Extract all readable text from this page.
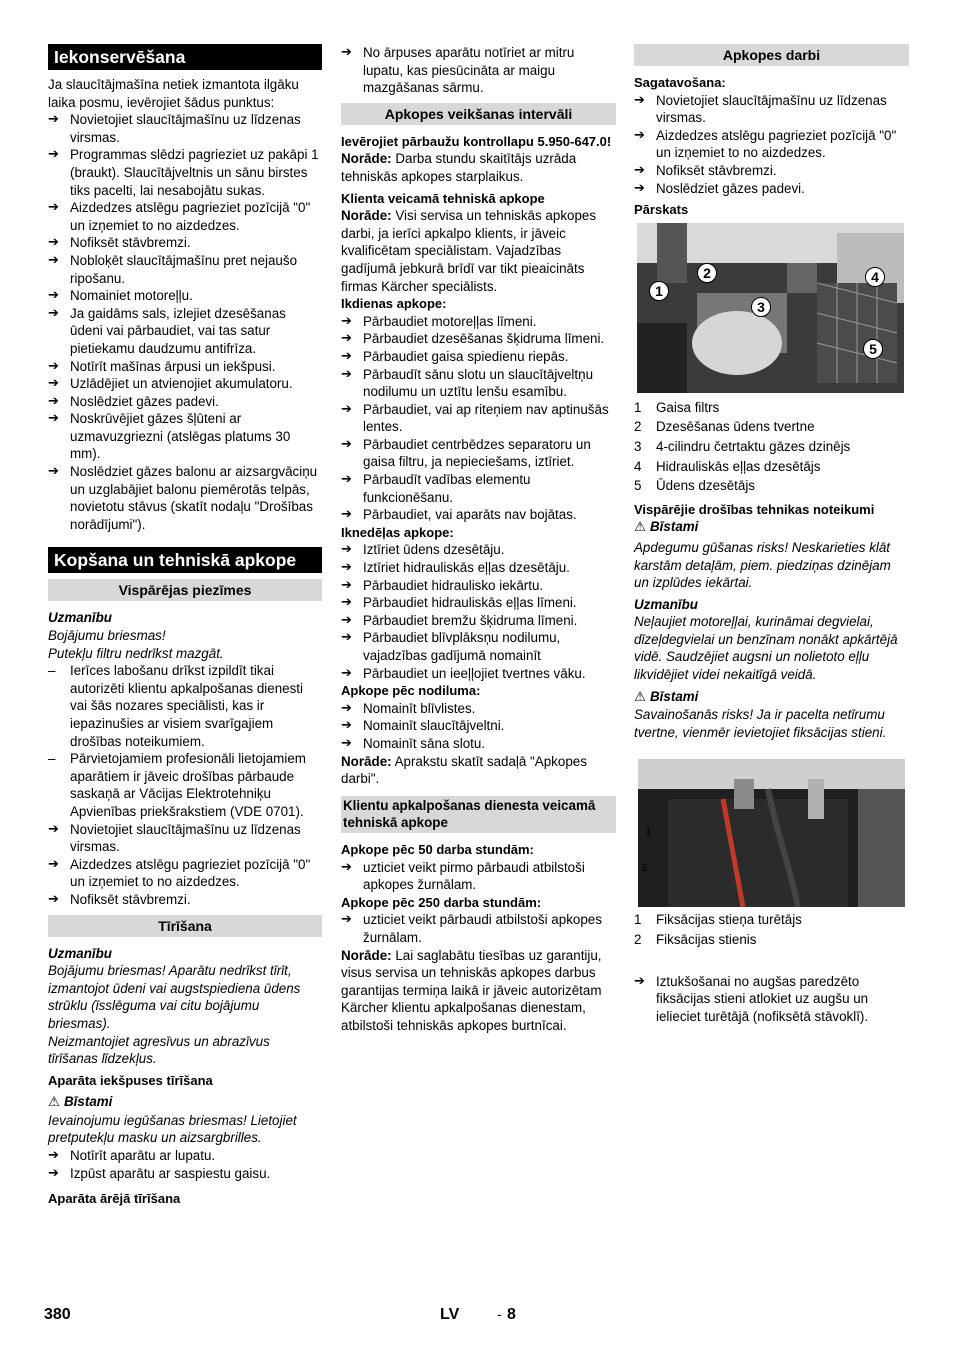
Iekonservēšana

Ja slaucītājmašīna netiek izmantota ilgāku laika posmu, ievērojiet šādus punktus:

➔ Novietojiet slaucītājmašīnu uz līdzenas virsmas.

➔ Programmas slēdzi pagrieziet uz pakāpi 1 (braukt). Slaucītājveltnis un sānu birstes tiks pacelti, lai nesabojātu sukas.

➔ Aizdedzes atslēgu pagrieziet pozīcijā "0" un izņemiet to no aizdedzes.

➔ Nofiksēt stāvbremzi.

➔ Nobloķēt slaucītājmašīnu pret nejaušo ripošanu.

➔ Nomainiet motoreļļu.

➔ Ja gaidāms sals, izlejiet dzesēšanas ūdeni vai pārbaudiet, vai tas satur pietiekamu daudzumu antifrīza.

➔ Notīrīt mašīnas ārpusi un iekšpusi.

➔ Uzlādējiet un atvienojiet akumulatoru.

➔ Noslēdziet gāzes padevi.

➔ Noskrūvējiet gāzes šļūteni ar uzmavuzgriezni (atslēgas platums 30 mm).

➔ Noslēdziet gāzes balonu ar aizsargvāciņu un uzglabājiet balonu piemērotās telpās, novietotu stāvus (skatīt nodaļu "Drošības norādījumi").

Kopšana un tehniskā apkope
Vispārējas piezīmes

Uzmanību

Bojājumu briesmas!

Putekļu filtru nedrīkst mazgāt.

– Ierīces labošanu drīkst izpildīt tikai autorizēti klientu apkalpošanas dienesti vai šās nozares speciālisti, kas ir iepazinušies ar visiem svarīgajiem drošības noteikumiem.

– Pārvietojamiem profesionāli lietojamiem aparātiem ir jāveic drošības pārbaude saskaņā ar Vācijas Elektrotehniķu Apvienības priekšrakstiem (VDE 0701).

➔ Novietojiet slaucītājmašīnu uz līdzenas virsmas.

➔ Aizdedzes atslēgu pagrieziet pozīcijā "0" un izņemiet to no aizdedzes.

➔ Nofiksēt stāvbremzi.

Tīrīšana

Uzmanību

Bojājumu briesmas! Aparātu nedrīkst tīrīt, izmantojot ūdeni vai augstspiediena ūdens strūklu (īsslēguma vai citu bojājumu briesmas).

Neizmantojiet agresīvus un abrazīvus tīrīšanas līdzekļus.

Aparāta iekšpuses tīrīšana

⚠ Bīstami

Ievainojumu iegūšanas briesmas! Lietojiet pretputekļu masku un aizsargbrilles.

➔ Notīrīt aparātu ar lupatu.

➔ Izpūst aparātu ar saspiestu gaisu.

Aparāta ārējā tīrīšana

➔ No ārpuses aparātu notīriet ar mitru lupatu, kas piesūcināta ar maigu mazgāšanas sārmu.

Apkopes veikšanas intervāli

Ievērojiet pārbaužu kontrollapu 5.950-647.0!

Norāde: Darba stundu skaitītājs uzrāda tehniskās apkopes starplaikus.

Klienta veicamā tehniskā apkope

Norāde: Visi servisa un tehniskās apkopes darbi, ja ierīci apkalpo klients, ir jāveic kvalificētam speciālistam. Vajadzības gadījumā jebkurā brīdī var tikt pieaicināts firmas Kärcher speciālists.

Ikdienas apkope:

➔ Pārbaudiet motoreļļas līmeni.

➔ Pārbaudiet dzesēšanas šķidruma līmeni.

➔ Pārbaudiet gaisa spiedienu riepās.

➔ Pārbaudīt sānu slotu un slaucītājveltņu nodilumu un uztītu lenšu esamību.

➔ Pārbaudiet, vai ap riteņiem nav aptinušās lentes.

➔ Pārbaudiet centrbēdzes separatoru un gaisa filtru, ja nepieciešams, iztīriet.

➔ Pārbaudīt vadības elementu funkcionēšanu.

➔ Pārbaudiet, vai aparāts nav bojātas.

Iknedēļas apkope:

➔ Iztīriet ūdens dzesētāju.

➔ Iztīriet hidrauliskās eļļas dzesētāju.

➔ Pārbaudiet hidraulisko iekārtu.

➔ Pārbaudiet hidrauliskās eļļas līmeni.

➔ Pārbaudiet bremžu šķidruma līmeni.

➔ Pārbaudiet blīvplāksņu nodilumu, vajadzības gadījumā nomainīt

➔ Pārbaudiet un ieeļļojiet tvertnes vāku.

Apkope pēc nodiluma:

➔ Nomainīt blīvlistes.

➔ Nomainīt slaucītājveltni.

➔ Nomainīt sāna slotu.

Norāde: Aprakstu skatīt sadaļā "Apkopes darbi".

Klientu apkalpošanas dienesta veicamā tehniskā apkope

Apkope pēc 50 darba stundām:

➔ uzticiet veikt pirmo pārbaudi atbilstoši apkopes žurnālam.

Apkope pēc 250 darba stundām:

➔ uzticiet veikt pārbaudi atbilstoši apkopes žurnālam.

Norāde: Lai saglabātu tiesības uz garantiju, visus servisa un tehniskās apkopes darbus garantijas termiņa laikā ir jāveic autorizētam Kärcher klientu apkalpošanas dienestam, atbilstoši tehniskās apkopes burtnīcai.

Apkopes darbi

Sagatavošana:

➔ Novietojiet slaucītājmašīnu uz līdzenas virsmas.

➔ Aizdedzes atslēgu pagrieziet pozīcijā "0" un izņemiet to no aizdedzes.

➔ Nofiksēt stāvbremzi.

➔ Noslēdziet gāzes padevi.

Pārskats

1
2
3
4
5

1 Gaisa filtrs

2 Dzesēšanas ūdens tvertne

3 4-cilindru četrtaktu gāzes dzinējs

4 Hidrauliskās eļļas dzesētājs

5 Ūdens dzesētājs

Vispārējie drošības tehnikas noteikumi

⚠ Bīstami

Apdegumu gūšanas risks! Neskarieties klāt karstām detaļām, piem. piedziņas dzinējam un izplūdes iekārtai.

Uzmanību

Neļaujiet motoreļļai, kurināmai degvielai, dīzeļdegvielai un benzīnam nonākt apkārtējā vidē. Saudzējiet augsni un nolietoto eļļu likvidējiet videi nekaitīgā veidā.

⚠ Bīstami

Savainošanās risks! Ja ir pacelta netīrumu tvertne, vienmēr ievietojiet fiksācijas stieni.

1 Fiksācijas stieņa turētājs

2 Fiksācijas stienis

➔ Iztukšošanai no augšas paredzēto fiksācijas stieni atlokiet uz augšu un ielieciet turētājā (nofiksētā stāvoklī).

1
2
380	LV	- 8
